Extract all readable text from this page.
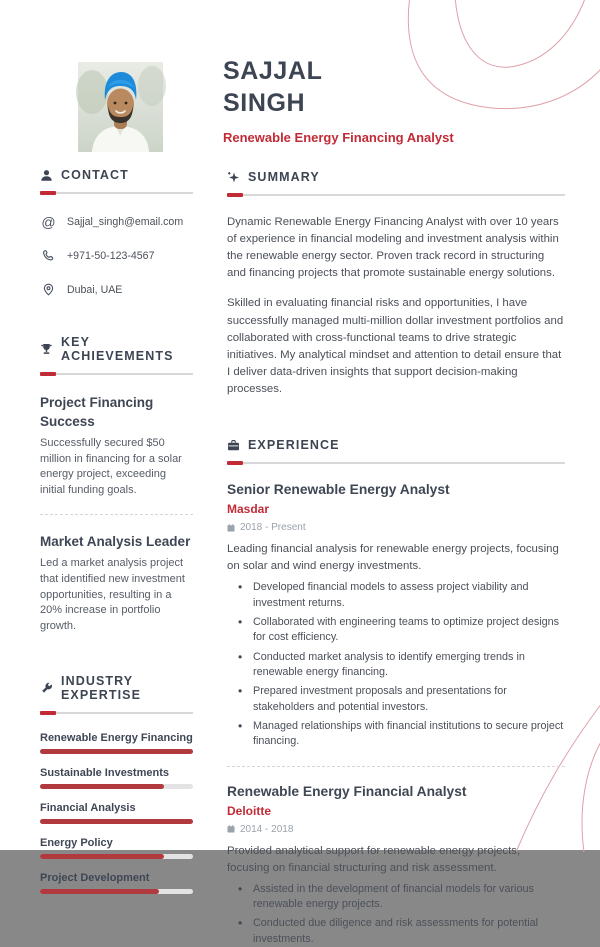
SAJJAL
SINGH
Renewable Energy Financing Analyst
CONTACT
@ Sajjal_singh@email.com
+971-50-123-4567
Dubai, UAE
KEY ACHIEVEMENTS
Project Financing Success
Successfully secured $50 million in financing for a solar energy project, exceeding initial funding goals.
Market Analysis Leader
Led a market analysis project that identified new investment opportunities, resulting in a 20% increase in portfolio growth.
INDUSTRY EXPERTISE
Renewable Energy Financing
Sustainable Investments
Financial Analysis
Energy Policy
Project Development
SUMMARY

Dynamic Renewable Energy Financing Analyst with over 10 years of experience in financial modeling and investment analysis within the renewable energy sector. Proven track record in structuring and financing projects that promote sustainable energy solutions.

Skilled in evaluating financial risks and opportunities, I have successfully managed multi-million dollar investment portfolios and collaborated with cross-functional teams to drive strategic initiatives. My analytical mindset and attention to detail ensure that I deliver data-driven insights that support decision-making processes.

EXPERIENCE
Senior Renewable Energy Analyst
Masdar
2018 - Present
Leading financial analysis for renewable energy projects, focusing on solar and wind energy investments.
• Developed financial models to assess project viability and investment returns.
• Collaborated with engineering teams to optimize project designs for cost efficiency.
• Conducted market analysis to identify emerging trends in renewable energy financing.
• Prepared investment proposals and presentations for stakeholders and potential investors.
• Managed relationships with financial institutions to secure project financing.
Renewable Energy Financial Analyst
Deloitte
2014 - 2018
Provided analytical support for renewable energy projects, focusing on financial structuring and risk assessment.
• Assisted in the development of financial models for various renewable energy projects.
• Conducted due diligence and risk assessments for potential investments.
